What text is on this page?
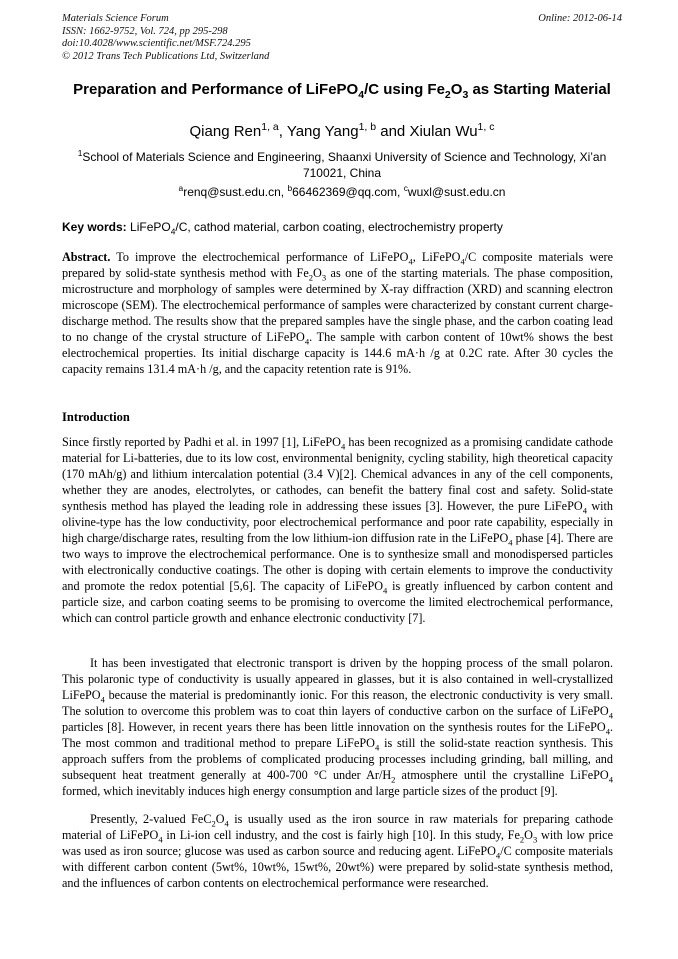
Materials Science Forum
ISSN: 1662-9752, Vol. 724, pp 295-298
doi:10.4028/www.scientific.net/MSF.724.295
© 2012 Trans Tech Publications Ltd, Switzerland
Online: 2012-06-14
Preparation and Performance of LiFePO$_4$/C using $Fe_2O_3$ as Starting Material
Qiang Ren$^{1, a}$, Yang Yang$^{1, b}$ and Xiulan Wu$^{1, c}$
$^1$School of Materials Science and Engineering, Shaanxi University of Science and Technology, Xi’an 710021, China
$^a$renq@sust.edu.cn, $^b$66462369@qq.com, $^c$wuxl@sust.edu.cn
Key words: LiFePO$_4$/C, cathod material, carbon coating, electrochemistry property
Abstract. To improve the electrochemical performance of LiFePO$_4$, LiFePO$_4$/C composite materials were prepared by solid-state synthesis method with $Fe_2O_3$ as one of the starting materials. The phase composition, microstructure and morphology of samples were determined by X-ray diffraction (XRD) and scanning electron microscope (SEM). The electrochemical performance of samples were characterized by constant current charge-discharge method. The results show that the prepared samples have the single phase, and the carbon coating lead to no change of the crystal structure of LiFePO$_4$. The sample with carbon content of 10wt% shows the best electrochemical properties. Its initial discharge capacity is 144.6 mA·h /g at 0.2C rate. After 30 cycles the capacity remains 131.4 mA·h /g, and the capacity retention rate is 91%.
Introduction
Since firstly reported by Padhi et al. in 1997 [1], LiFePO$_4$ has been recognized as a promising candidate cathode material for Li-batteries, due to its low cost, environmental benignity, cycling stability, high theoretical capacity (170 mAh/g) and lithium intercalation potential (3.4 V)[2]. Chemical advances in any of the cell components, whether they are anodes, electrolytes, or cathodes, can benefit the battery final cost and safety. Solid-state synthesis method has played the leading role in addressing these issues [3]. However, the pure LiFePO$_4$ with olivine-type has the low conductivity, poor electrochemical performance and poor rate capability, especially in high charge/discharge rates, resulting from the low lithium-ion diffusion rate in the LiFePO$_4$ phase [4]. There are two ways to improve the electrochemical performance. One is to synthesize small and monodispersed particles with electronically conductive coatings. The other is doping with certain elements to improve the conductivity and promote the redox potential [5,6]. The capacity of LiFePO$_4$ is greatly influenced by carbon content and particle size, and carbon coating seems to be promising to overcome the limited electrochemical performance, which can control particle growth and enhance electronic conductivity [7].
It has been investigated that electronic transport is driven by the hopping process of the small polaron. This polaronic type of conductivity is usually appeared in glasses, but it is also contained in well-crystallized LiFePO$_4$ because the material is predominantly ionic. For this reason, the electronic conductivity is very small. The solution to overcome this problem was to coat thin layers of conductive carbon on the surface of LiFePO$_4$ particles [8]. However, in recent years there has been little innovation on the synthesis routes for the LiFePO$_4$. The most common and traditional method to prepare LiFePO$_4$ is still the solid-state reaction synthesis. This approach suffers from the problems of complicated producing processes including grinding, ball milling, and subsequent heat treatment generally at 400-700 °C under $Ar/H_2$ atmosphere until the crystalline LiFePO$_4$ formed, which inevitably induces high energy consumption and large particle sizes of the product [9].
Presently, 2-valued $FeC_2O_4$ is usually used as the iron source in raw materials for preparing cathode material of LiFePO$_4$ in Li-ion cell industry, and the cost is fairly high [10]. In this study, $Fe_2O_3$ with low price was used as iron source; glucose was used as carbon source and reducing agent. LiFePO$_4$/C composite materials with different carbon content (5wt%, 10wt%, 15wt%, 20wt%) were prepared by solid-state synthesis method, and the influences of carbon contents on electrochemical performance were researched.
